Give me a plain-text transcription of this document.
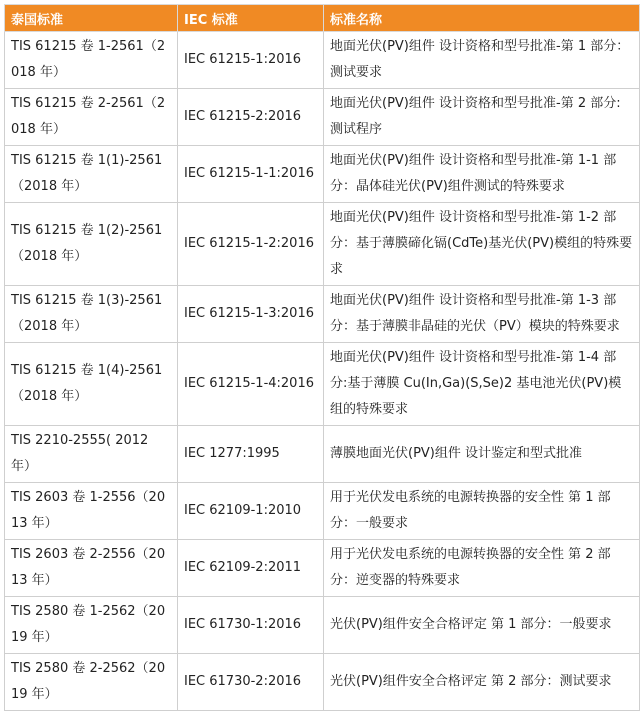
泰国标准	IEC 标准	标准名称
TIS 61215 卷 1-2561（2018 年）	IEC 61215-1:2016	地面光伏(PV)组件 设计资格和型号批准-第 1 部分：测试要求
TIS 61215 卷 2-2561（2018 年）	IEC 61215-2:2016	地面光伏(PV)组件 设计资格和型号批准-第 2 部分:测试程序
TIS 61215 卷 1(1)-2561（2018 年）	IEC 61215-1-1:2016	地面光伏(PV)组件 设计资格和型号批准-第 1-1 部分：晶体硅光伏(PV)组件测试的特殊要求
TIS 61215 卷 1(2)-2561（2018 年）	IEC 61215-1-2:2016	地面光伏(PV)组件 设计资格和型号批准-第 1-2 部分：基于薄膜碲化镉(CdTe)基光伏(PV)模组的特殊要求
TIS 61215 卷 1(3)-2561（2018 年）	IEC 61215-1-3:2016	地面光伏(PV)组件 设计资格和型号批准-第 1-3 部分：基于薄膜非晶硅的光伏（PV）模块的特殊要求
TIS 61215 卷 1(4)-2561（2018 年）	IEC 61215-1-4:2016	地面光伏(PV)组件 设计资格和型号批准-第 1-4 部分:基于薄膜 Cu(In,Ga)(S,Se)2 基电池光伏(PV)模组的特殊要求
TIS 2210-2555( 2012 年）	IEC 1277:1995	薄膜地面光伏(PV)组件 设计鉴定和型式批准
TIS 2603 卷 1-2556（2013 年）	IEC 62109-1:2010	用于光伏发电系统的电源转换器的安全性 第 1 部分：一般要求
TIS 2603 卷 2-2556（2013 年）	IEC 62109-2:2011	用于光伏发电系统的电源转换器的安全性 第 2 部分：逆变器的特殊要求
TIS 2580 卷 1-2562（2019 年）	IEC 61730-1:2016	光伏(PV)组件安全合格评定 第 1 部分：一般要求
TIS 2580 卷 2-2562（2019 年）	IEC 61730-2:2016	光伏(PV)组件安全合格评定 第 2 部分：测试要求
